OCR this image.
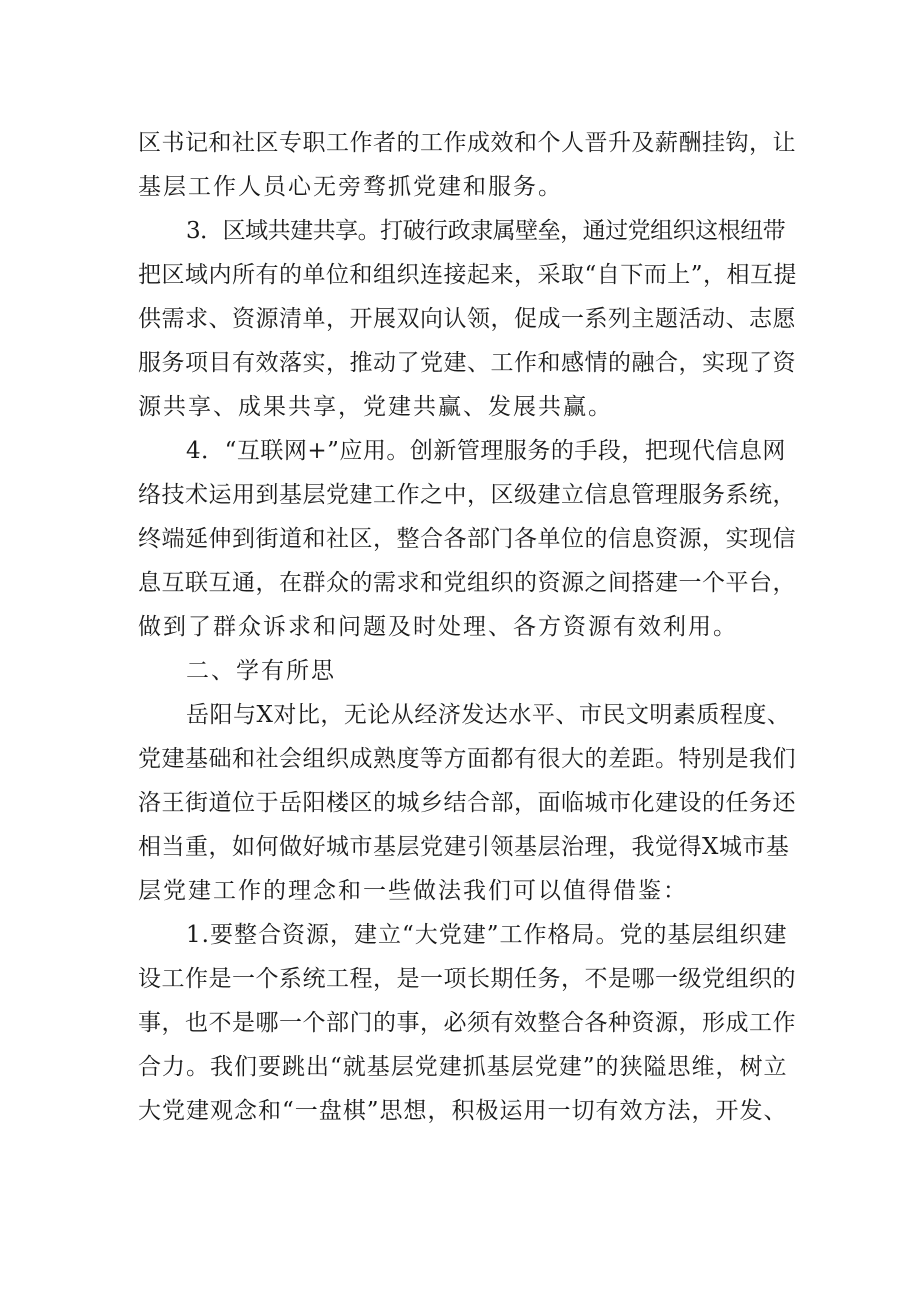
区书记和社区专职工作者的工作成效和个人晋升及薪酬挂钩，让
基层工作人员心无旁骛抓党建和服务。
3．区域共建共享。打破行政隶属壁垒，通过党组织这根纽带
把区域内所有的单位和组织连接起来，采取“自下而上”，相互提
供需求、资源清单，开展双向认领，促成一系列主题活动、志愿
服务项目有效落实，推动了党建、工作和感情的融合，实现了资
源共享、成果共享，党建共赢、发展共赢。
4．“互联网+”应用。创新管理服务的手段，把现代信息网
络技术运用到基层党建工作之中，区级建立信息管理服务系统，
终端延伸到街道和社区，整合各部门各单位的信息资源，实现信
息互联互通，在群众的需求和党组织的资源之间搭建一个平台，
做到了群众诉求和问题及时处理、各方资源有效利用。
二、学有所思
岳阳与X对比，无论从经济发达水平、市民文明素质程度、
党建基础和社会组织成熟度等方面都有很大的差距。特别是我们
洛王街道位于岳阳楼区的城乡结合部，面临城市化建设的任务还
相当重，如何做好城市基层党建引领基层治理，我觉得X城市基
层党建工作的理念和一些做法我们可以值得借鉴：
1.要整合资源，建立“大党建”工作格局。党的基层组织建
设工作是一个系统工程，是一项长期任务，不是哪一级党组织的
事，也不是哪一个部门的事，必须有效整合各种资源，形成工作
合力。我们要跳出“就基层党建抓基层党建”的狭隘思维，树立
大党建观念和“一盘棋”思想，积极运用一切有效方法，开发、
